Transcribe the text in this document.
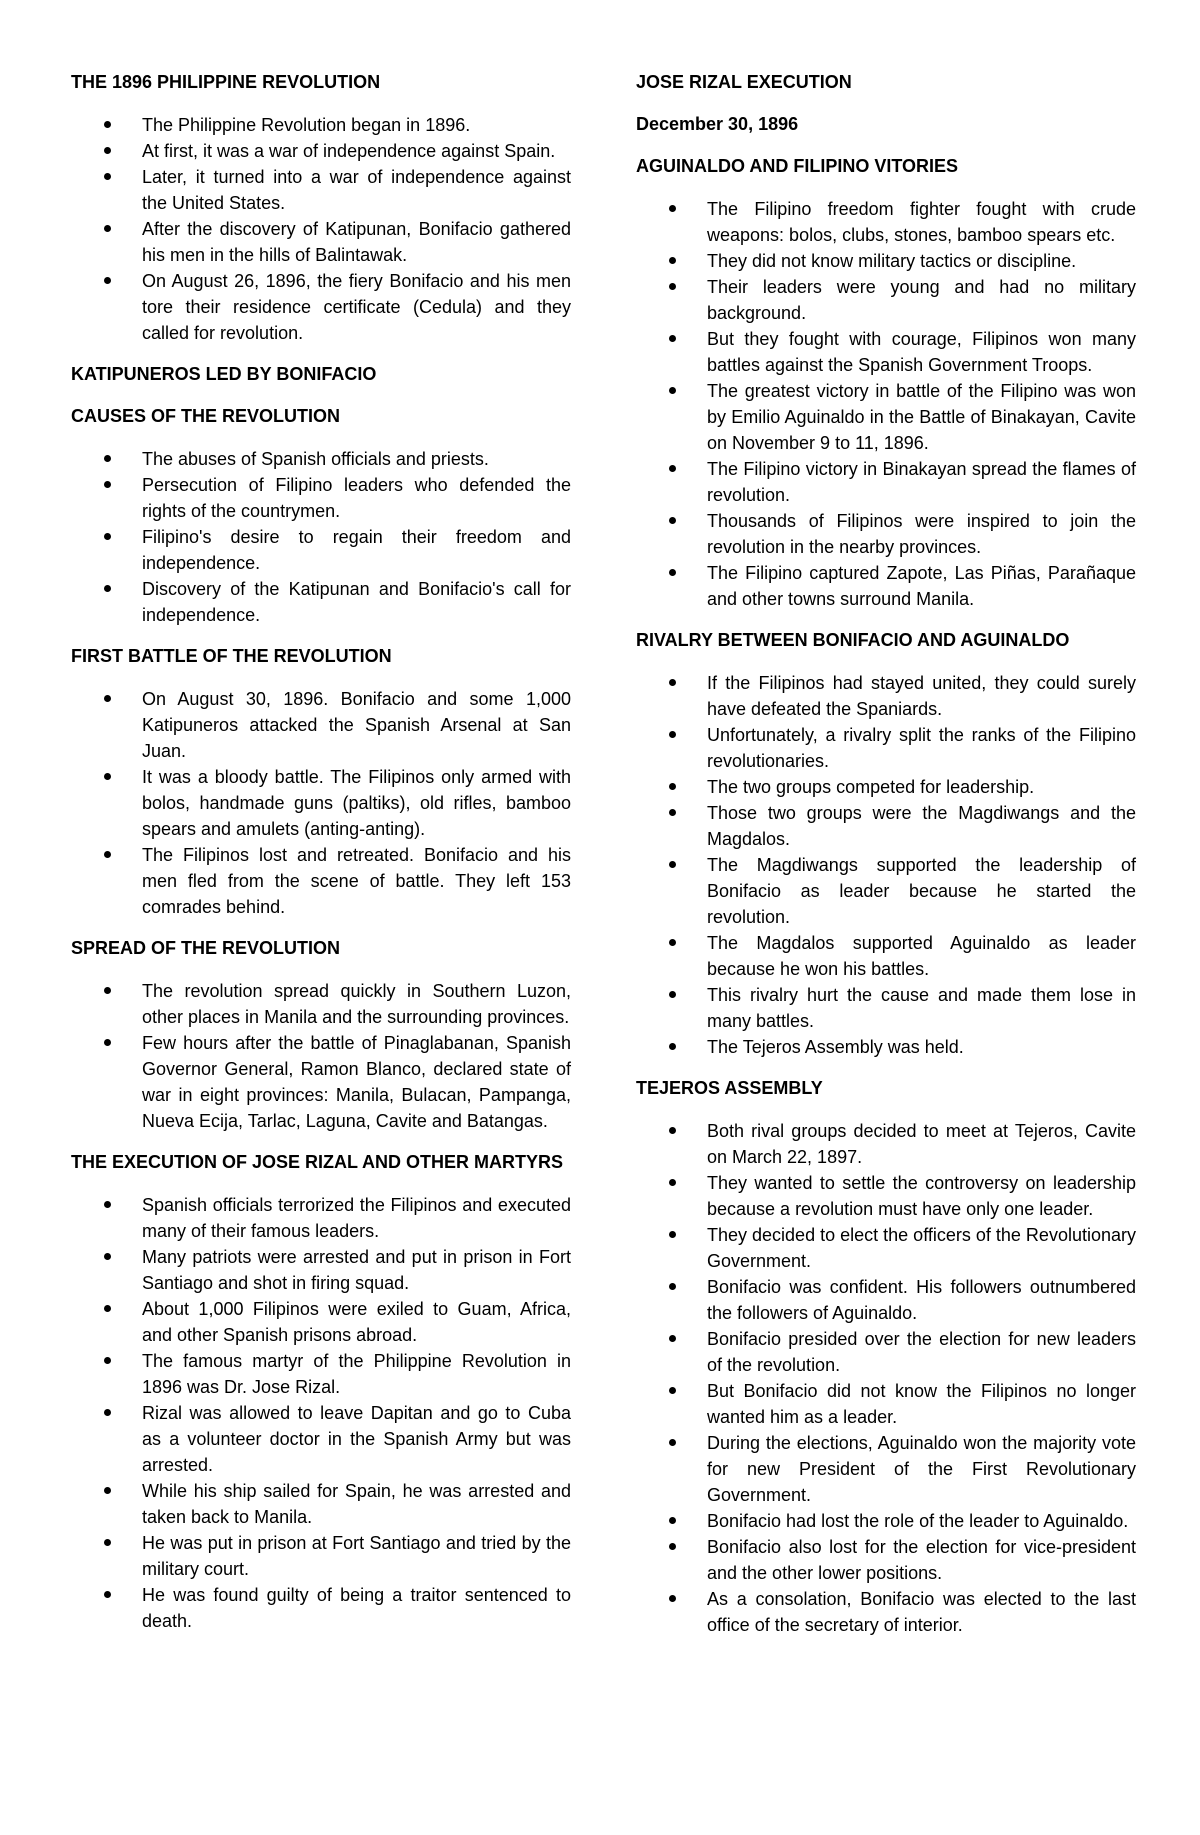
THE 1896 PHILIPPINE REVOLUTION
The Philippine Revolution began in 1896.
At first, it was a war of independence against Spain.
Later, it turned into a war of independence against the United States.
After the discovery of Katipunan, Bonifacio gathered his men in the hills of Balintawak.
On August 26, 1896, the fiery Bonifacio and his men tore their residence certificate (Cedula) and they called for revolution.
KATIPUNEROS LED BY BONIFACIO
CAUSES OF THE REVOLUTION
The abuses of Spanish officials and priests.
Persecution of Filipino leaders who defended the rights of the countrymen.
Filipino's desire to regain their freedom and independence.
Discovery of the Katipunan and Bonifacio's call for independence.
FIRST BATTLE OF THE REVOLUTION
On August 30, 1896. Bonifacio and some 1,000 Katipuneros attacked the Spanish Arsenal at San Juan.
It was a bloody battle. The Filipinos only armed with bolos, handmade guns (paltiks), old rifles, bamboo spears and amulets (anting-anting).
The Filipinos lost and retreated. Bonifacio and his men fled from the scene of battle. They left 153 comrades behind.
SPREAD OF THE REVOLUTION
The revolution spread quickly in Southern Luzon, other places in Manila and the surrounding provinces.
Few hours after the battle of Pinaglabanan, Spanish Governor General, Ramon Blanco, declared state of war in eight provinces: Manila, Bulacan, Pampanga, Nueva Ecija, Tarlac, Laguna, Cavite and Batangas.
THE EXECUTION OF JOSE RIZAL AND OTHER MARTYRS
Spanish officials terrorized the Filipinos and executed many of their famous leaders.
Many patriots were arrested and put in prison in Fort Santiago and shot in firing squad.
About 1,000 Filipinos were exiled to Guam, Africa, and other Spanish prisons abroad.
The famous martyr of the Philippine Revolution in 1896 was Dr. Jose Rizal.
Rizal was allowed to leave Dapitan and go to Cuba as a volunteer doctor in the Spanish Army but was arrested.
While his ship sailed for Spain, he was arrested and taken back to Manila.
He was put in prison at Fort Santiago and tried by the military court.
He was found guilty of being a traitor sentenced to death.
JOSE RIZAL EXECUTION
December 30, 1896
AGUINALDO AND FILIPINO VITORIES
The Filipino freedom fighter fought with crude weapons: bolos, clubs, stones, bamboo spears etc.
They did not know military tactics or discipline.
Their leaders were young and had no military background.
But they fought with courage, Filipinos won many battles against the Spanish Government Troops.
The greatest victory in battle of the Filipino was won by Emilio Aguinaldo in the Battle of Binakayan, Cavite on November 9 to 11, 1896.
The Filipino victory in Binakayan spread the flames of revolution.
Thousands of Filipinos were inspired to join the revolution in the nearby provinces.
The Filipino captured Zapote, Las Piñas, Parañaque and other towns surround Manila.
RIVALRY BETWEEN BONIFACIO AND AGUINALDO
If the Filipinos had stayed united, they could surely have defeated the Spaniards.
Unfortunately, a rivalry split the ranks of the Filipino revolutionaries.
The two groups competed for leadership.
Those two groups were the Magdiwangs and the Magdalos.
The Magdiwangs supported the leadership of Bonifacio as leader because he started the revolution.
The Magdalos supported Aguinaldo as leader because he won his battles.
This rivalry hurt the cause and made them lose in many battles.
The Tejeros Assembly was held.
TEJEROS ASSEMBLY
Both rival groups decided to meet at Tejeros, Cavite on March 22, 1897.
They wanted to settle the controversy on leadership because a revolution must have only one leader.
They decided to elect the officers of the Revolutionary Government.
Bonifacio was confident. His followers outnumbered the followers of Aguinaldo.
Bonifacio presided over the election for new leaders of the revolution.
But Bonifacio did not know the Filipinos no longer wanted him as a leader.
During the elections, Aguinaldo won the majority vote for new President of the First Revolutionary Government.
Bonifacio had lost the role of the leader to Aguinaldo.
Bonifacio also lost for the election for vice-president and the other lower positions.
As a consolation, Bonifacio was elected to the last office of the secretary of interior.
